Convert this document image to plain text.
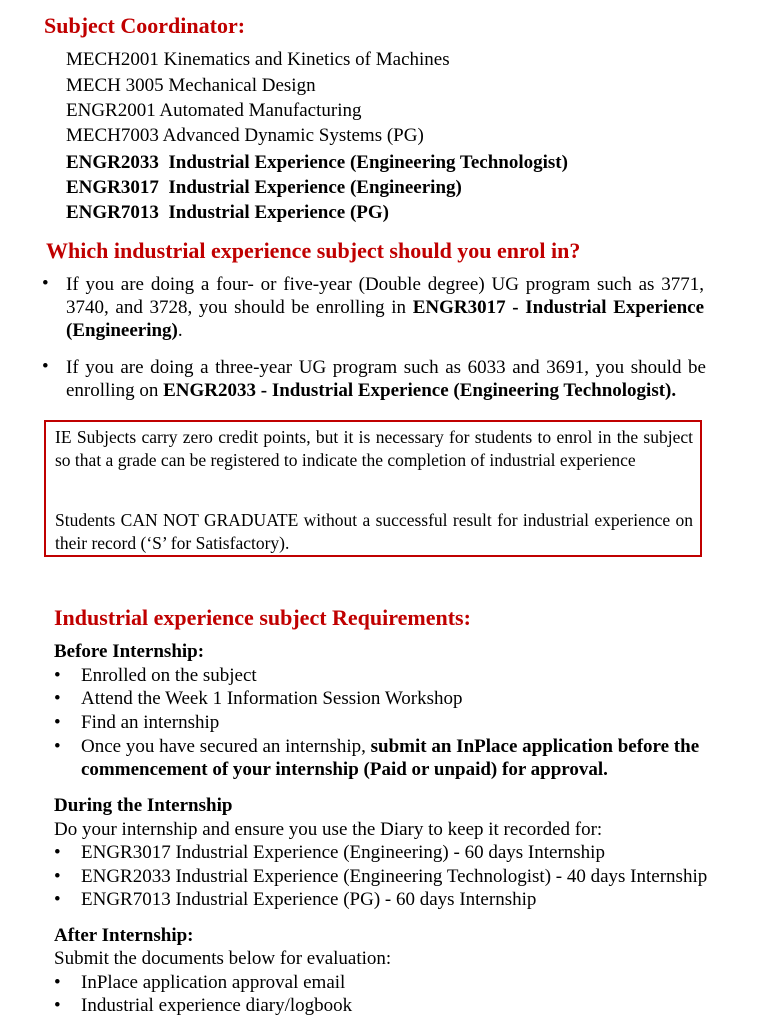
Subject Coordinator:
MECH2001 Kinematics and Kinetics of Machines
MECH 3005 Mechanical Design
ENGR2001 Automated Manufacturing
MECH7003 Advanced Dynamic Systems (PG)
ENGR2033  Industrial Experience (Engineering Technologist)
ENGR3017  Industrial Experience (Engineering)
ENGR7013  Industrial Experience (PG)
Which industrial experience subject should you enrol in?
• If you are doing a four- or five-year (Double degree) UG program such as 3771, 3740, and 3728, you should be enrolling in ENGR3017 - Industrial Experience (Engineering).
• If you are doing a three-year UG program such as 6033 and 3691, you should be enrolling on ENGR2033 - Industrial Experience (Engineering Technologist).
IE Subjects carry zero credit points, but it is necessary for students to enrol in the subject so that a grade can be registered to indicate the completion of industrial experience
Students CAN NOT GRADUATE without a successful result for industrial experience on their record (‘S’ for Satisfactory).
Industrial experience subject Requirements:
Before Internship:
• Enrolled on the subject
• Attend the Week 1 Information Session Workshop
• Find an internship
• Once you have secured an internship, submit an InPlace application before the
commencement of your internship (Paid or unpaid) for approval.
During the Internship
Do your internship and ensure you use the Diary to keep it recorded for:
• ENGR3017 Industrial Experience (Engineering) - 60 days Internship
• ENGR2033 Industrial Experience (Engineering Technologist) - 40 days Internship
• ENGR7013 Industrial Experience (PG) - 60 days Internship
After Internship:
Submit the documents below for evaluation:
• InPlace application approval email
• Industrial experience diary/logbook
